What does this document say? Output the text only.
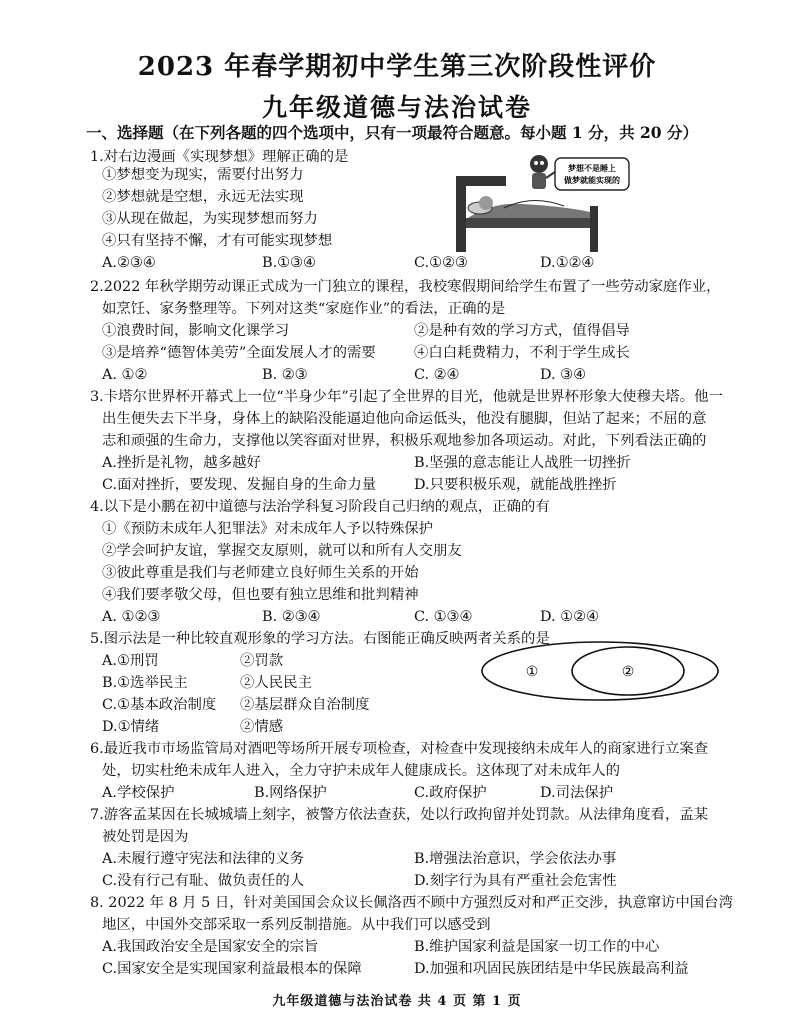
2023 年春学期初中学生第三次阶段性评价
九年级道德与法治试卷
一、选择题（在下列各题的四个选项中，只有一项最符合题意。每小题 1 分，共 20 分）
1.对右边漫画《实现梦想》理解正确的是
①梦想变为现实，需要付出努力
②梦想就是空想，永远无法实现
③从现在做起，为实现梦想而努力
④只有坚持不懈，才有可能实现梦想
A.②③④	B.①③④	C.①②③	D.①②④
梦想不是睡上
做梦就能实现的
2.2022 年秋学期劳动课正式成为一门独立的课程，我校寒假期间给学生布置了一些劳动家庭作业，
如烹饪、家务整理等。下列对这类“家庭作业”的看法，正确的是
①浪费时间，影响文化课学习	②是种有效的学习方式，值得倡导
③是培养“德智体美劳”全面发展人才的需要	④白白耗费精力，不利于学生成长
A. ①②	B. ②③	C. ②④	D. ③④
3.卡塔尔世界杯开幕式上一位“半身少年”引起了全世界的目光，他就是世界杯形象大使穆夫塔。他一
出生便失去下半身，身体上的缺陷没能逼迫他向命运低头，他没有腿脚，但站了起来；不屈的意
志和顽强的生命力，支撑他以笑容面对世界，积极乐观地参加各项运动。对此，下列看法正确的
A.挫折是礼物，越多越好	B.坚强的意志能让人战胜一切挫折
C.面对挫折，要发现、发掘自身的生命力量	D.只要积极乐观，就能战胜挫折
4.以下是小鹏在初中道德与法治学科复习阶段自己归纳的观点，正确的有
①《预防未成年人犯罪法》对未成年人予以特殊保护
②学会呵护友谊，掌握交友原则，就可以和所有人交朋友
③彼此尊重是我们与老师建立良好师生关系的开始
④我们要孝敬父母，但也要有独立思维和批判精神
A. ①②③	B. ②③④	C. ①③④	D. ①②④
5.图示法是一种比较直观形象的学习方法。右图能正确反映两者关系的是
A.①刑罚	②罚款
B.①选举民主	②人民民主
C.①基本政治制度 ②基层群众自治制度
D.①情绪	②情感
①	②
6.最近我市市场监管局对酒吧等场所开展专项检查，对检查中发现接纳未成年人的商家进行立案查
处，切实杜绝未成年人进入，全力守护未成年人健康成长。这体现了对未成年人的
A.学校保护	B.网络保护	C.政府保护	D.司法保护
7.游客孟某因在长城城墙上刻字，被警方依法查获，处以行政拘留并处罚款。从法律角度看，孟某
被处罚是因为
A.未履行遵守宪法和法律的义务	B.增强法治意识，学会依法办事
C.没有行己有耻、做负责任的人	D.刻字行为具有严重社会危害性
8. 2022 年 8 月 5 日，针对美国国会众议长佩洛西不顾中方强烈反对和严正交涉，执意窜访中国台湾
地区，中国外交部采取一系列反制措施。从中我们可以感受到
A.我国政治安全是国家安全的宗旨	B.维护国家利益是国家一切工作的中心
C.国家安全是实现国家利益最根本的保障	D.加强和巩固民族团结是中华民族最高利益
九年级道德与法治试卷 共 4 页 第 1 页
